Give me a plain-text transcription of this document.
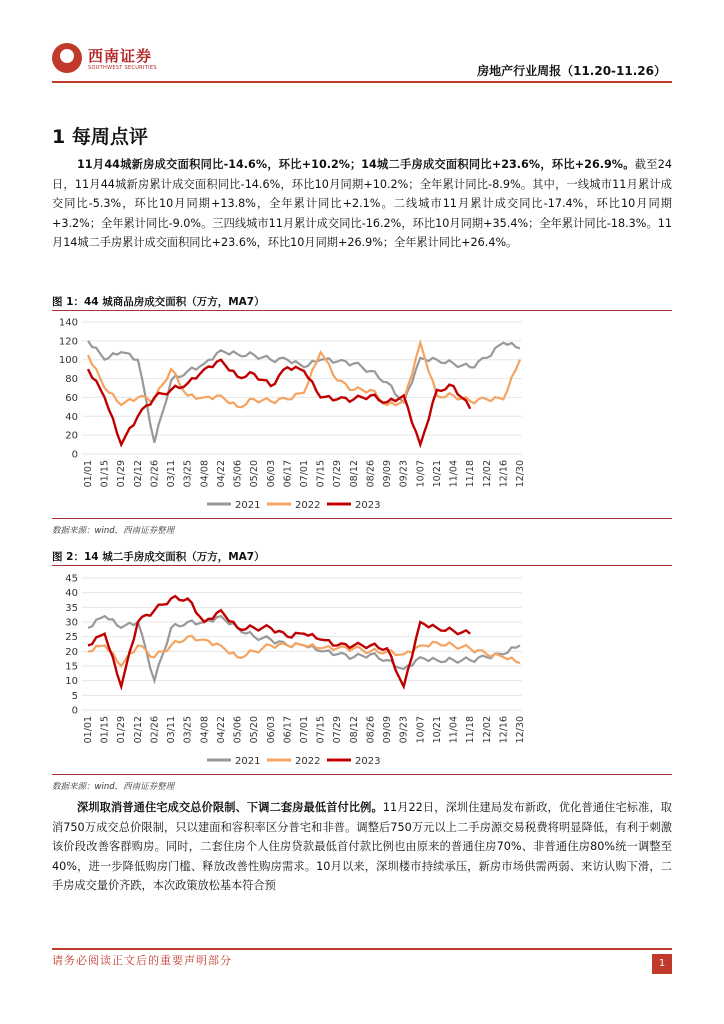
西南证券
SOUTHWEST SECURITIES	房地产行业周报（11.20-11.26）
1 每周点评
11月44城新房成交面积同比-14.6%，环比+10.2%；14城二手房成交面积同比+23.6%，环比+26.9%。截至24日，11月44城新房累计成交面积同比-14.6%，环比10月同期+10.2%；全年累计同比-8.9%。其中，一线城市11月累计成交同比-5.3%，环比10月同期+13.8%，全年累计同比+2.1%。二线城市11月累计成交同比-17.4%，环比10月同期+3.2%；全年累计同比-9.0%。三四线城市11月累计成交同比-16.2%，环比10月同期+35.4%；全年累计同比-18.3%。11月14城二手房累计成交面积同比+23.6%，环比10月同期+26.9%；全年累计同比+26.4%。
图 1：44 城商品房成交面积（万方，MA7）
0
20
40
60
80
100
120
140
01/01 01/15 01/29 02/12 02/26 03/11 03/25 04/08 04/22 05/06 05/20 06/03 06/17 07/01 07/15 07/29 08/12 08/26 09/09 09/23 10/07 10/21 11/04 11/18 12/02 12/16 12/30
2021	2022	2023
数据来源：wind，西南证券整理
图 2：14 城二手房成交面积（万方，MA7）
0
5
10
15
20
25
30
35
40
45
01/01 01/15 01/29 02/12 02/26 03/11 03/25 04/08 04/22 05/06 05/20 06/03 06/17 07/01 07/15 07/29 08/12 08/26 09/09 09/23 10/07 10/21 11/04 11/18 12/02 12/16 12/30
2021	2022	2023
数据来源：wind，西南证券整理
深圳取消普通住宅成交总价限制、下调二套房最低首付比例。11月22日，深圳住建局发布新政，优化普通住宅标准，取消750万成交总价限制，只以建面和容积率区分普宅和非普。调整后750万元以上二手房源交易税费将明显降低，有利于刺激该价段改善客群购房。同时，二套住房个人住房贷款最低首付款比例也由原来的普通住房70%、非普通住房80%统一调整至40%，进一步降低购房门槛、释放改善性购房需求。10月以来，深圳楼市持续承压，新房市场供需两弱、来访认购下滑，二手房成交量价齐跌，本次政策放松基本符合预
请务必阅读正文后的重要声明部分	1
